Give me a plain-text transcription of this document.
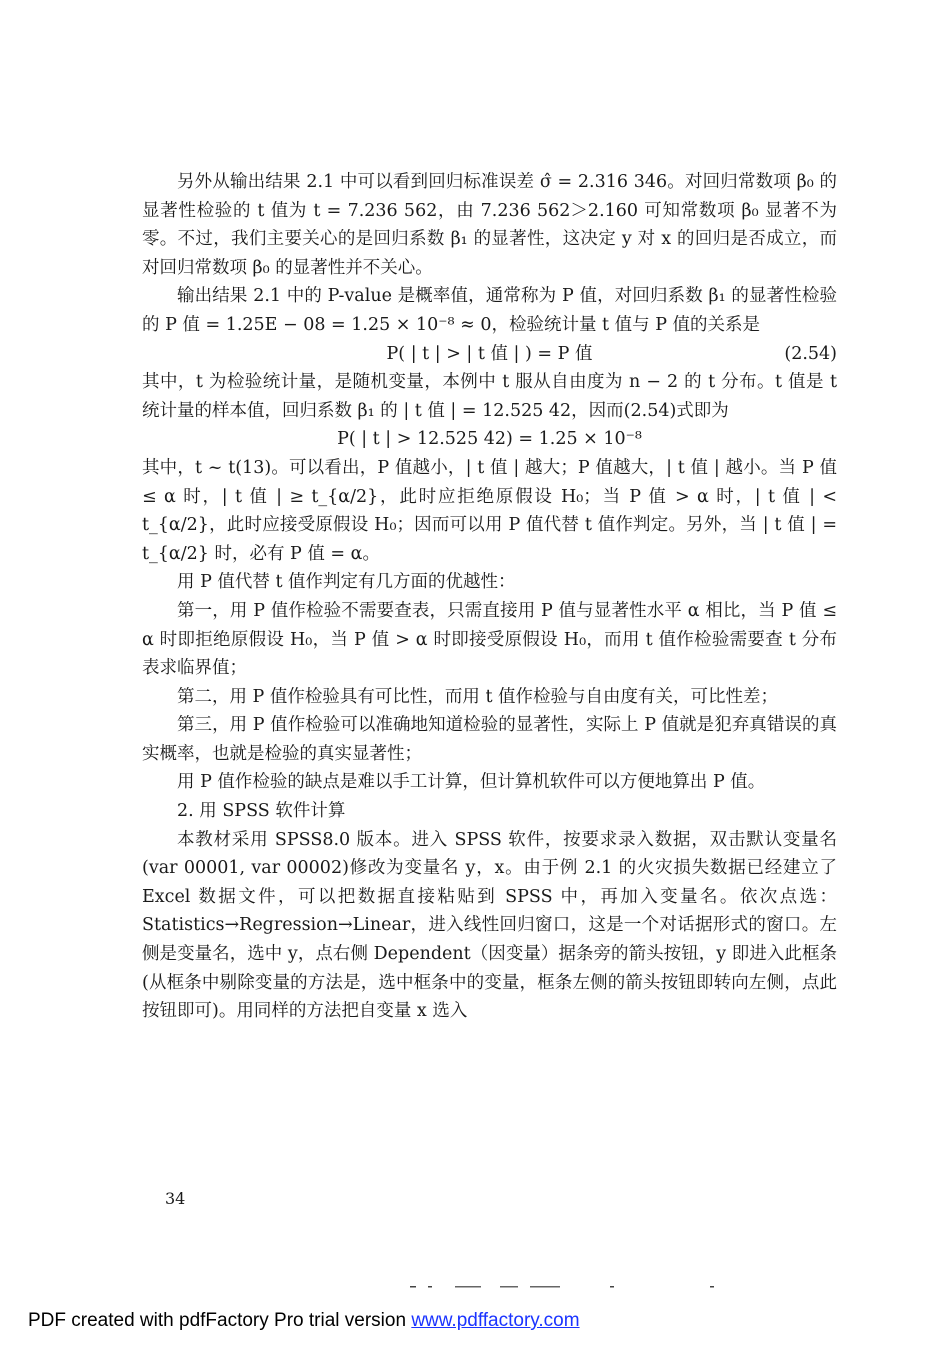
另外从输出结果 2.1 中可以看到回归标准误差 σ̂ = 2.316 346。对回归常数项 β₀ 的显著性检验的 t 值为 t = 7.236 562，由 7.236 562＞2.160 可知常数项 β₀ 显著不为零。不过，我们主要关心的是回归系数 β₁ 的显著性，这决定 y 对 x 的回归是否成立，而对回归常数项 β₀ 的显著性并不关心。

输出结果 2.1 中的 P-value 是概率值，通常称为 P 值，对回归系数 β₁ 的显著性检验的 P 值 = 1.25E − 08 = 1.25 × 10⁻⁸ ≈ 0，检验统计量 t 值与 P 值的关系是

P( | t | > | t 值 | ) = P 值	(2.54)

其中，t 为检验统计量，是随机变量，本例中 t 服从自由度为 n − 2 的 t 分布。t 值是 t 统计量的样本值，回归系数 β₁ 的 | t 值 | = 12.525 42，因而(2.54)式即为

P( | t | > 12.525 42) = 1.25 × 10⁻⁸

其中，t ~ t(13)。可以看出，P 值越小，| t 值 | 越大；P 值越大，| t 值 | 越小。当 P 值 ≤ α 时，| t 值 | ≥ t_{α/2}，此时应拒绝原假设 H₀；当 P 值 > α 时，| t 值 | < t_{α/2}，此时应接受原假设 H₀；因而可以用 P 值代替 t 值作判定。另外，当 | t 值 | = t_{α/2} 时，必有 P 值 = α。

用 P 值代替 t 值作判定有几方面的优越性：

第一，用 P 值作检验不需要查表，只需直接用 P 值与显著性水平 α 相比，当 P 值 ≤ α 时即拒绝原假设 H₀，当 P 值 > α 时即接受原假设 H₀，而用 t 值作检验需要查 t 分布表求临界值；

第二，用 P 值作检验具有可比性，而用 t 值作检验与自由度有关，可比性差；

第三，用 P 值作检验可以准确地知道检验的显著性，实际上 P 值就是犯弃真错误的真实概率，也就是检验的真实显著性；

用 P 值作检验的缺点是难以手工计算，但计算机软件可以方便地算出 P 值。

2. 用 SPSS 软件计算

本教材采用 SPSS8.0 版本。进入 SPSS 软件，按要求录入数据，双击默认变量名(var 00001, var 00002)修改为变量名 y，x。由于例 2.1 的火灾损失数据已经建立了 Excel 数据文件，可以把数据直接粘贴到 SPSS 中，再加入变量名。依次点选：Statistics→Regression→Linear，进入线性回归窗口，这是一个对话据形式的窗口。左侧是变量名，选中 y，点右侧 Dependent（因变量）据条旁的箭头按钮，y 即进入此框条(从框条中剔除变量的方法是，选中框条中的变量，框条左侧的箭头按钮即转向左侧，点此按钮即可)。用同样的方法把自变量 x 选入

34
PDF created with pdfFactory Pro trial version www.pdffactory.com
